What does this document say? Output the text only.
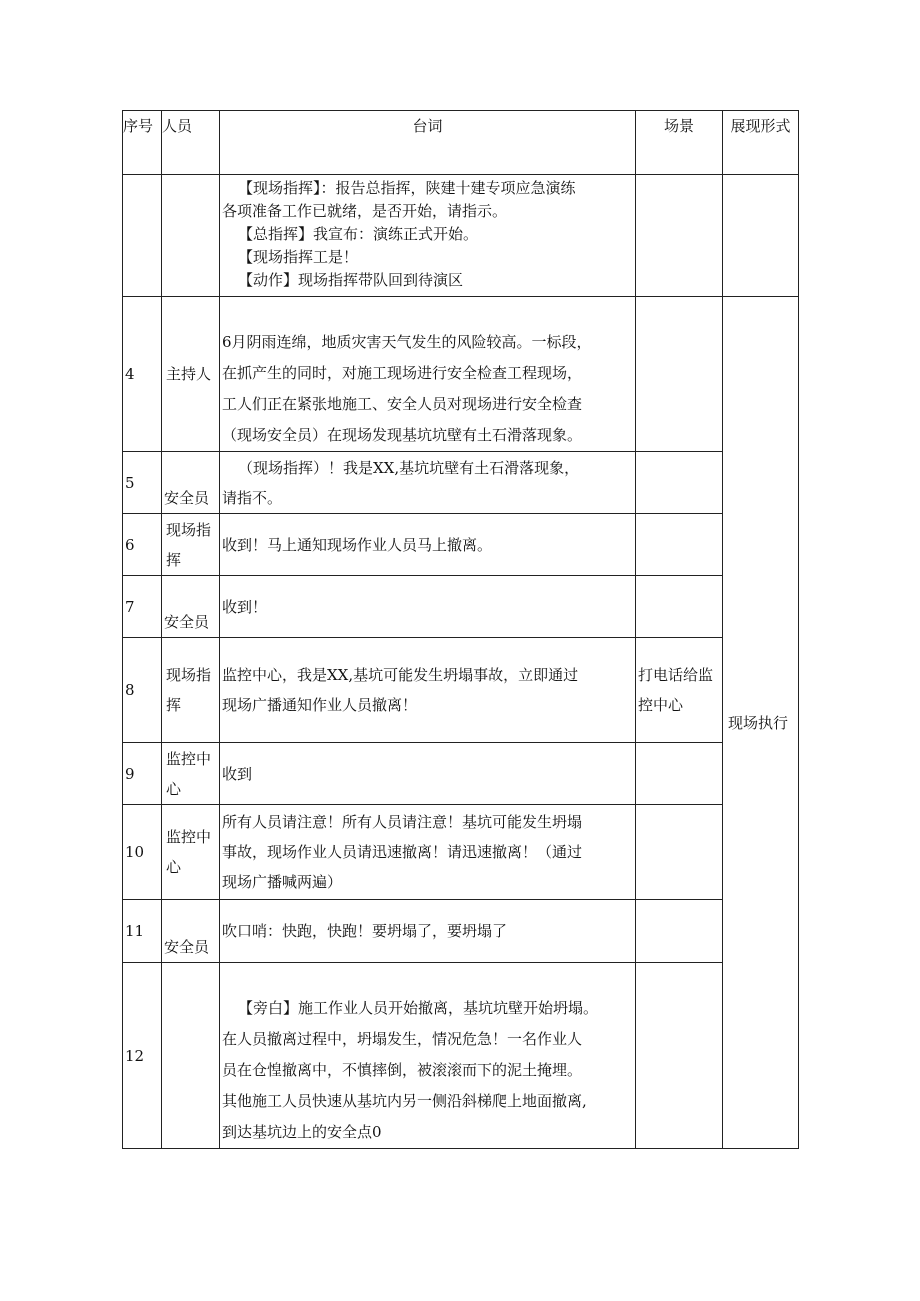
序号	人员	台词	场景	展现形式

		【现场指挥】：报告总指挥，陕建十建专项应急演练
各项准备工作已就绪，是否开始，请指示。
【总指挥】我宣布：演练正式开始。
【现场指挥工是！
【动作】现场指挥带队回到待演区		

4	主持人	6月阴雨连绵，地质灾害天气发生的风险较高。一标段，
在抓产生的同时，对施工现场进行安全检查工程现场，
工人们正在紧张地施工、安全人员对现场进行安全检查
（现场安全员）在现场发现基坑坑壁有土石滑落现象。		现场执行
5	安全员	（现场指挥）！我是XX,基坑坑壁有土石滑落现象，
请指不。		

6	现场指挥	收到！马上通知现场作业人员马上撤离。		

7	安全员	收到！		

8	现场指挥	监控中心，我是XX,基坑可能发生坍塌事故，立即通过
现场广播通知作业人员撤离！	打电话给监控中心	
9	监控中心	收到		

10	监控中心	所有人员请注意！所有人员请注意！基坑可能发生坍塌
事故，现场作业人员请迅速撤离！请迅速撤离！（通过
现场广播喊两遍）		

11	安全员	吹口哨：快跑，快跑！要坍塌了，要坍塌了		

12		【旁白】施工作业人员开始撤离，基坑坑壁开始坍塌。
在人员撤离过程中，坍塌发生，情况危急！一名作业人
员在仓惶撤离中，不慎摔倒，被滚滚而下的泥土掩埋。
其他施工人员快速从基坑内另一侧沿斜梯爬上地面撤离,
到达基坑边上的安全点0		
